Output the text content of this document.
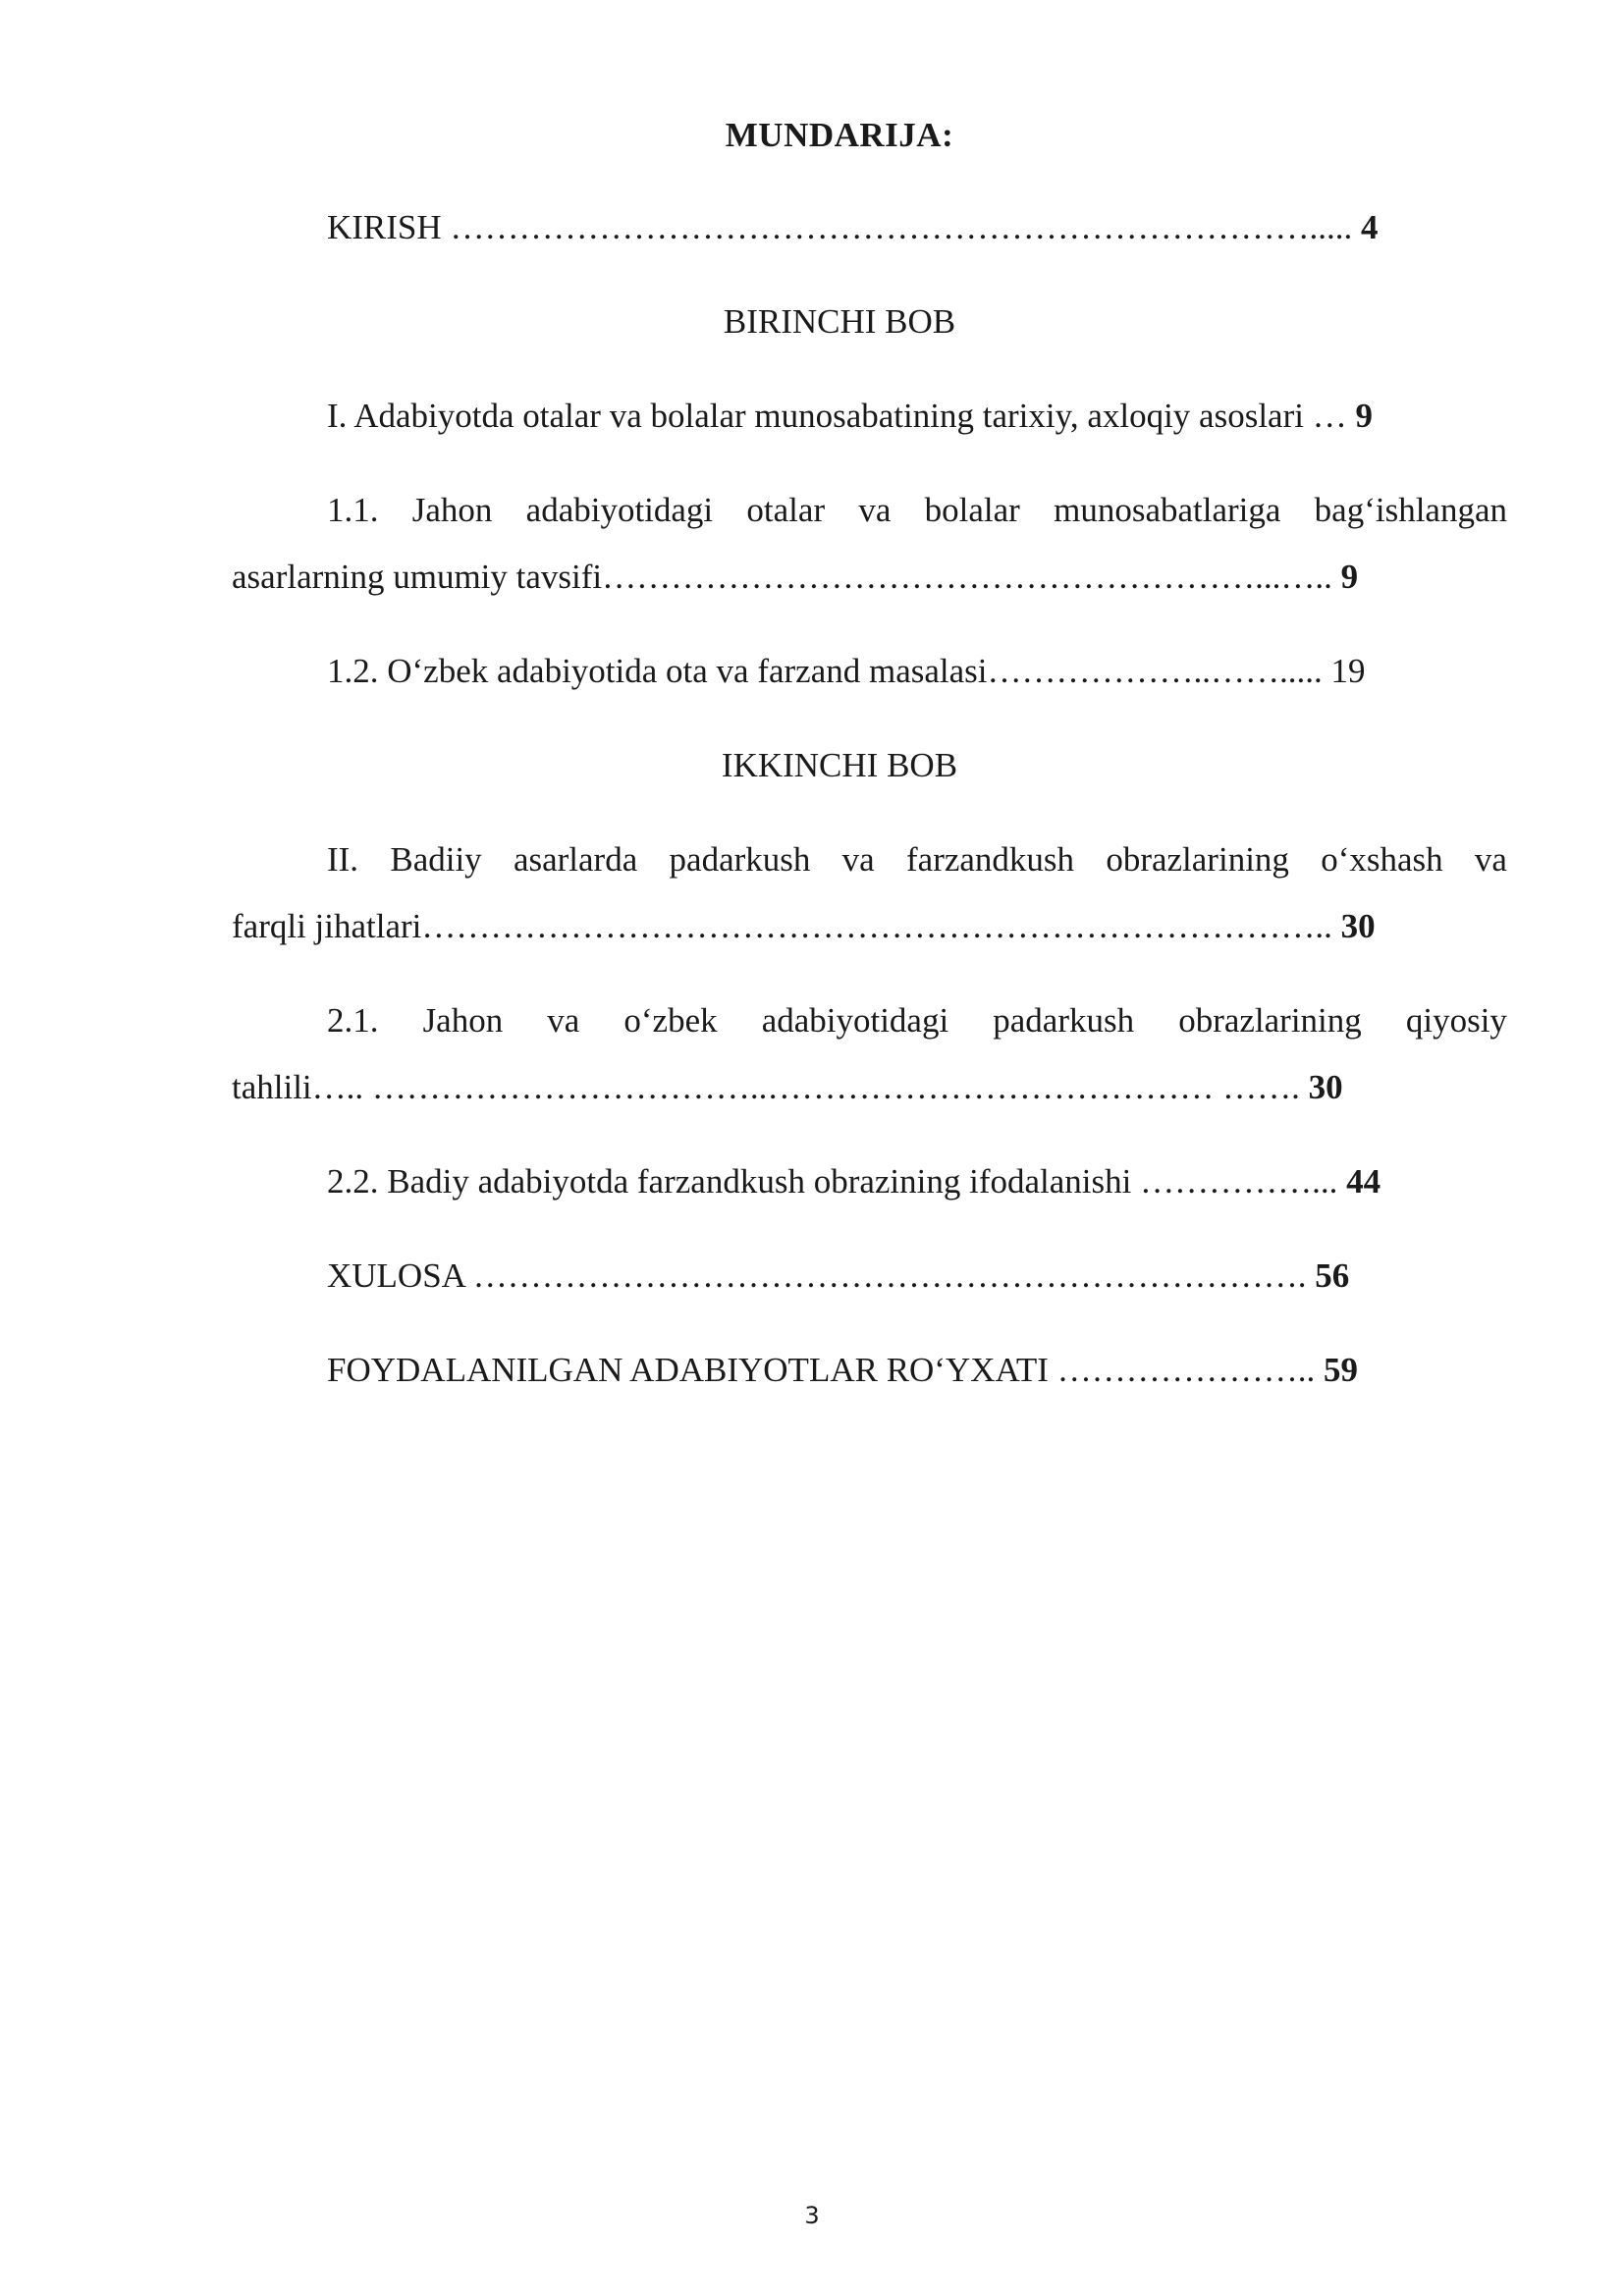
MUNDARIJA:
KIRISH …………………………………………………………………..... 4
BIRINCHI BOB
I. Adabiyotda otalar va bolalar munosabatining tarixiy, axloqiy asoslari … 9
1.1. Jahon adabiyotidagi otalar va bolalar munosabatlariga bag‘ishlangan
asarlarning umumiy tavsifi…………………………………………………...….. 9
1.2. O‘zbek adabiyotida ota va farzand masalasi………………..……..... 19
IKKINCHI BOB
II. Badiiy asarlarda padarkush va farzandkush obrazlarining o‘xshash va
farqli jihatlari…………………………………………………………………….. 30
2.1. Jahon va o‘zbek adabiyotidagi padarkush obrazlarining qiyosiy
tahlili….. ……………………………..………………………………… ……. 30
2.2. Badiy adabiyotda farzandkush obrazining ifodalanishi ……………... 44
XULOSA ………………………………………………………………. 56
FOYDALANILGAN ADABIYOTLAR RO‘YXATI ………………….. 59
3
